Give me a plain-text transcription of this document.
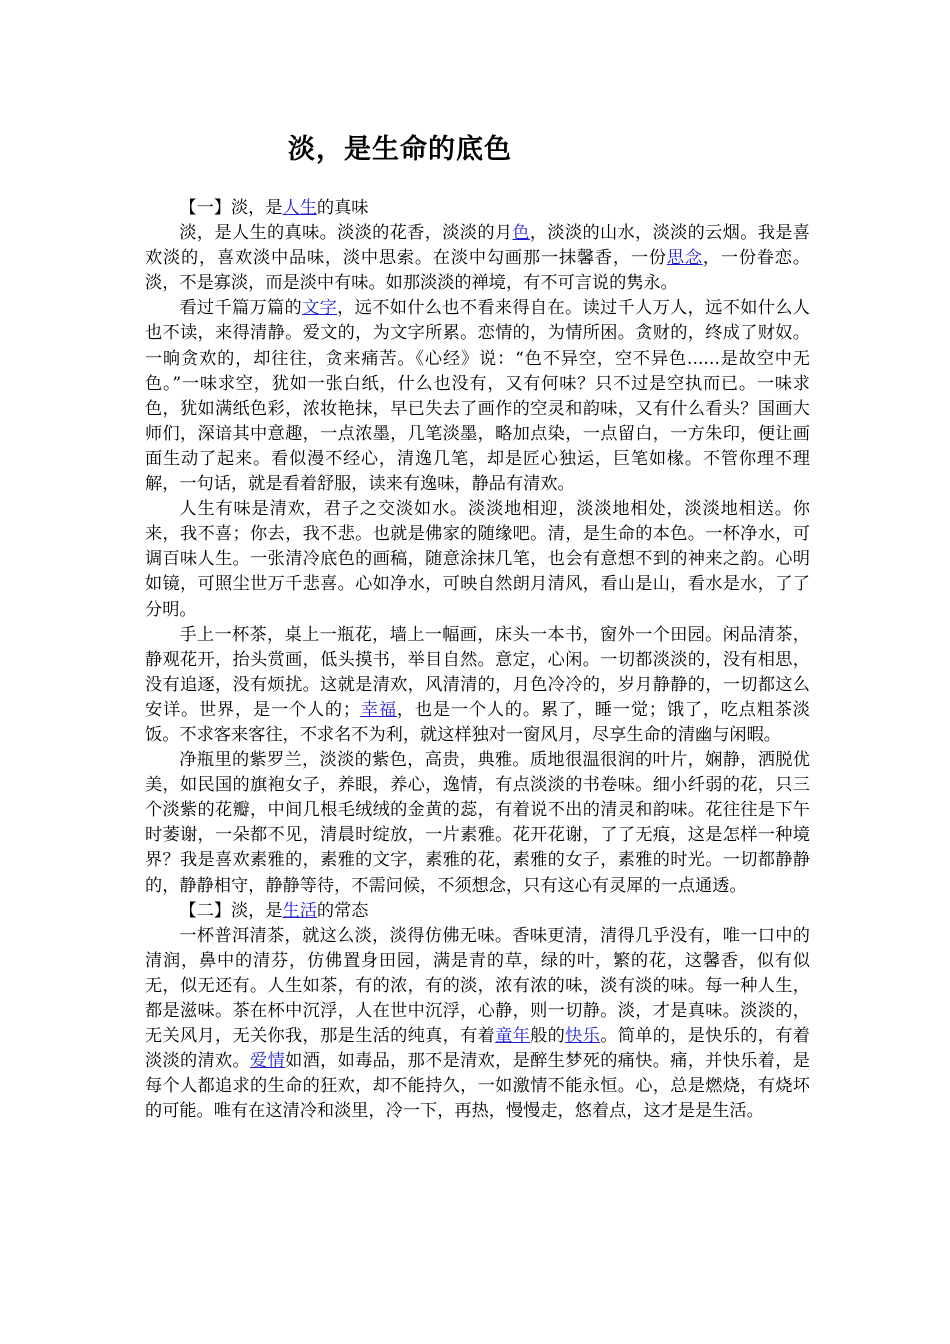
淡，是生命的底色

【一】淡，是人生的真味

淡，是人生的真味。淡淡的花香，淡淡的月色，淡淡的山水，淡淡的云烟。我是喜欢淡的，喜欢淡中品味，淡中思索。在淡中勾画那一抹馨香，一份思念，一份眷恋。淡，不是寡淡，而是淡中有味。如那淡淡的禅境，有不可言说的隽永。

看过千篇万篇的文字，远不如什么也不看来得自在。读过千人万人，远不如什么人也不读，来得清静。爱文的，为文字所累。恋情的，为情所困。贪财的，终成了财奴。一晌贪欢的，却往往，贪来痛苦。《心经》说：“色不异空，空不异色......是故空中无色。”一味求空，犹如一张白纸，什么也没有，又有何味？只不过是空执而已。一味求色，犹如满纸色彩，浓妆艳抹，早已失去了画作的空灵和韵味，又有什么看头？国画大师们，深谙其中意趣，一点浓墨，几笔淡墨，略加点染，一点留白，一方朱印，便让画面生动了起来。看似漫不经心，清逸几笔，却是匠心独运，巨笔如椽。不管你理不理解，一句话，就是看着舒服，读来有逸味，静品有清欢。

人生有味是清欢，君子之交淡如水。淡淡地相迎，淡淡地相处，淡淡地相送。你来，我不喜；你去，我不悲。也就是佛家的随缘吧。清，是生命的本色。一杯净水，可调百味人生。一张清冷底色的画稿，随意涂抹几笔，也会有意想不到的神来之韵。心明如镜，可照尘世万千悲喜。心如净水，可映自然朗月清风，看山是山，看水是水，了了分明。

手上一杯茶，桌上一瓶花，墙上一幅画，床头一本书，窗外一个田园。闲品清茶，静观花开，抬头赏画，低头摸书，举目自然。意定，心闲。一切都淡淡的，没有相思，没有追逐，没有烦扰。这就是清欢，风清清的，月色冷冷的，岁月静静的，一切都这么安详。世界，是一个人的；幸福，也是一个人的。累了，睡一觉；饿了，吃点粗茶淡饭。不求客来客往，不求名不为利，就这样独对一窗风月，尽享生命的清幽与闲暇。

净瓶里的紫罗兰，淡淡的紫色，高贵，典雅。质地很温很润的叶片，娴静，洒脱优美，如民国的旗袍女子，养眼，养心，逸情，有点淡淡的书卷味。细小纤弱的花，只三个淡紫的花瓣，中间几根毛绒绒的金黄的蕊，有着说不出的清灵和韵味。花往往是下午时萎谢，一朵都不见，清晨时绽放，一片素雅。花开花谢，了了无痕，这是怎样一种境界？我是喜欢素雅的，素雅的文字，素雅的花，素雅的女子，素雅的时光。一切都静静的，静静相守，静静等待，不需问候，不须想念，只有这心有灵犀的一点通透。

【二】淡，是生活的常态

一杯普洱清茶，就这么淡，淡得仿佛无味。香味更清，清得几乎没有，唯一口中的清润，鼻中的清芬，仿佛置身田园，满是青的草，绿的叶，繁的花，这馨香，似有似无，似无还有。人生如茶，有的浓，有的淡，浓有浓的味，淡有淡的味。每一种人生，都是滋味。茶在杯中沉浮，人在世中沉浮，心静，则一切静。淡，才是真味。淡淡的，无关风月，无关你我，那是生活的纯真，有着童年般的快乐。简单的，是快乐的，有着淡淡的清欢。爱情如酒，如毒品，那不是清欢，是醉生梦死的痛快。痛，并快乐着，是每个人都追求的生命的狂欢，却不能持久，一如激情不能永恒。心，总是燃烧，有烧坏的可能。唯有在这清冷和淡里，冷一下，再热，慢慢走，悠着点，这才是是生活。
